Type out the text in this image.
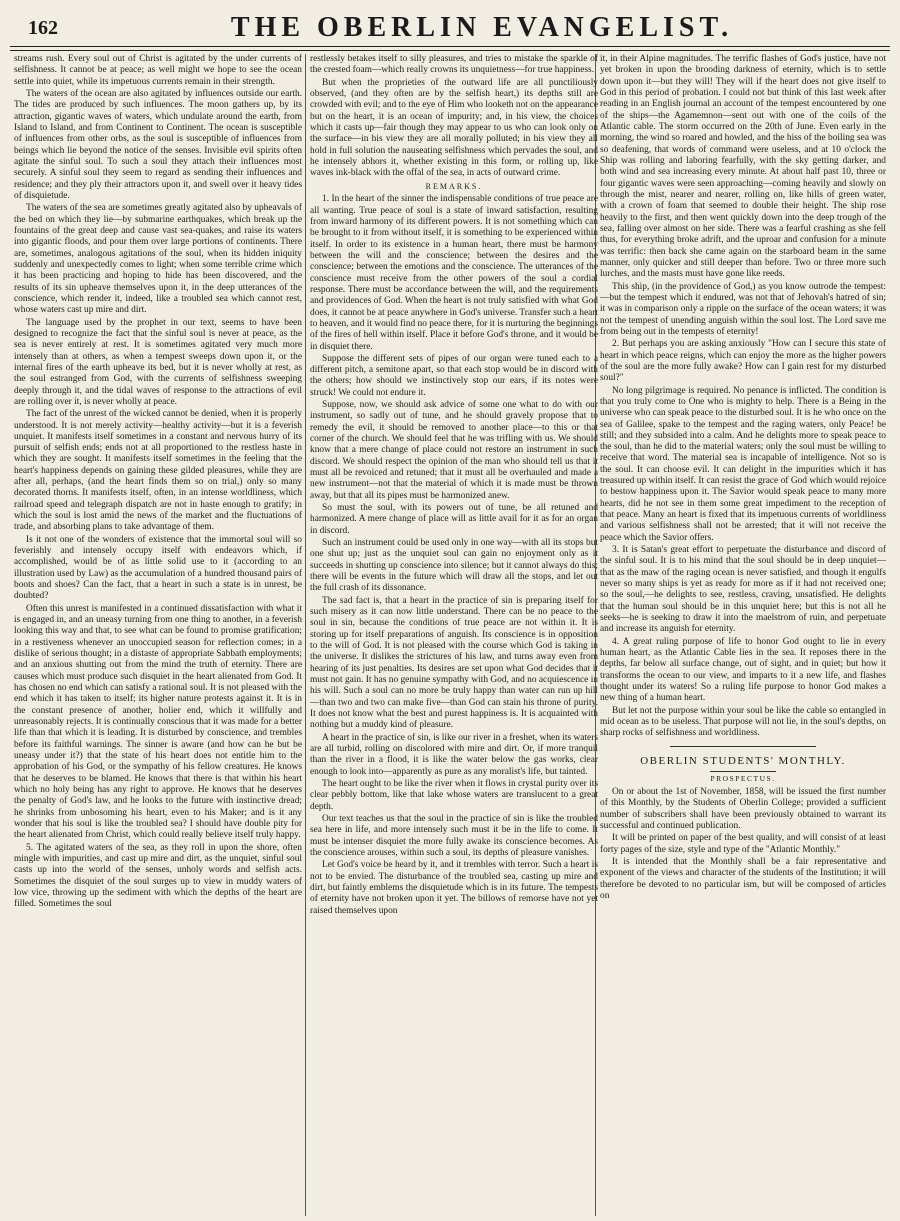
162	THE OBERLIN EVANGELIST.

streams rush. Every soul out of Christ is agitated by the under currents of selfishness. It cannot be at peace; as well might we hope to see the ocean settle into quiet, while its impetuous currents remain in their strength.

The waters of the ocean are also agitated by influences outside our earth. The tides are produced by such influences. The moon gathers up, by its attraction, gigantic waves of waters, which undulate around the earth, from Island to Island, and from Continent to Continent. The ocean is susceptible of influences from other orbs, as the soul is susceptible of influences from beings which lie beyond the notice of the senses. Invisible evil spirits often agitate the sinful soul. To such a soul they attach their influences most securely. A sinful soul they seem to regard as sending their influences and residence; and they ply their attractors upon it, and swell over it heavy tides of disquietude.

The waters of the sea are sometimes greatly agitated also by upheavals of the bed on which they lie—by submarine earthquakes, which break up the fountains of the great deep and cause vast sea-quakes, and raise its waters into gigantic floods, and pour them over large portions of continents. There are, sometimes, analogous agitations of the soul, when its hidden iniquity suddenly and unexpectedly comes to light; when some terrible crime which it has been practicing and hoping to hide has been discovered, and the results of its sin upheave themselves upon it, in the deep utterances of the conscience, which render it, indeed, like a troubled sea which cannot rest, whose waters cast up mire and dirt.

The language used by the prophet in our text, seems to have been designed to recognize the fact that the sinful soul is never at peace, as the sea is never entirely at rest. It is sometimes agitated very much more intensely than at others, as when a tempest sweeps down upon it, or the internal fires of the earth upheave its bed, but it is never wholly at rest, as the soul estranged from God, with the currents of selfishness sweeping deeply through it, and the tidal waves of response to the attractions of evil are rolling over it, is never wholly at peace.

The fact of the unrest of the wicked cannot be denied, when it is properly understood. It is not merely activity—healthy activity—but it is a feverish unquiet. It manifests itself sometimes in a constant and nervous hurry of its pursuit of selfish ends; ends not at all proportioned to the restless haste in which they are sought. It manifests itself sometimes in the feeling that the heart's happiness depends on gaining these gilded pleasures, while they are after all, perhaps, (and the heart finds them so on trial,) only so many decorated thorns. It manifests itself, often, in an intense worldliness, which railroad speed and telegraph dispatch are not in haste enough to gratify; in which the soul is lost amid the news of the market and the fluctuations of trade, and absorbing plans to take advantage of them.

Is it not one of the wonders of existence that the immortal soul will so feverishly and intensely occupy itself with endeavors which, if accomplished, would be of as little solid use to it (according to an illustration used by Law) as the accumulation of a hundred thousand pairs of boots and shoes? Can the fact, that a heart in such a state is in unrest, be doubted?

Often this unrest is manifested in a continued dissatisfaction with what it is engaged in, and an uneasy turning from one thing to another, in a feverish looking this way and that, to see what can be found to promise gratification; in a restiveness whenever an unoccupied season for reflection comes; in a dislike of serious thought; in a distaste of appropriate Sabbath employments; and an anxious shutting out from the mind the truth of eternity. There are causes which must produce such disquiet in the heart alienated from God. It has chosen no end which can satisfy a rational soul. It is not pleased with the end which it has taken to itself; its higher nature protests against it. It is in the constant presence of another, holier end, which it willfully and unreasonably rejects. It is continually conscious that it was made for a better life than that which it is leading. It is disturbed by conscience, and trembles before its faithful warnings. The sinner is aware (and how can he but be uneasy under it?) that the state of his heart does not entitle him to the approbation of his God, or the sympathy of his fellow creatures. He knows that he deserves to be blamed. He knows that there is that within his heart which no holy being has any right to approve. He knows that he deserves the penalty of God's law, and he looks to the future with instinctive dread; he shrinks from unbosoming his heart, even to his Maker; and is it any wonder that his soul is like the troubled sea? I should have double pity for the heart alienated from Christ, which could really believe itself truly happy.

5. The agitated waters of the sea, as they roll in upon the shore, often mingle with impurities, and cast up mire and dirt, as the unquiet, sinful soul casts up into the world of the senses, unholy words and selfish acts. Sometimes the disquiet of the soul surges up to view in muddy waters of low vice, throwing up the sediment with which the depths of the heart are filled. Sometimes the soul

restlessly betakes itself to silly pleasures, and tries to mistake the sparkle of the crested foam—which really crowns its unquietness—for true happiness.

But when the proprieties of the outward life are all punctiliously observed, (and they often are by the selfish heart,) its depths still are crowded with evil; and to the eye of Him who looketh not on the appearance but on the heart, it is an ocean of impurity; and, in his view, the choices which it casts up—fair though they may appear to us who can look only on the surface—in his view they are all morally polluted; in his view they all hold in full solution the nauseating selfishness which pervades the soul, and he intensely abhors it, whether existing in this form, or rolling up, like waves ink-black with the offal of the sea, in acts of outward crime.

REMARKS.

1. In the heart of the sinner the indispensable conditions of true peace are all wanting. True peace of soul is a state of inward satisfaction, resulting from inward harmony of its different powers. It is not something which can be brought to it from without itself, it is something to be experienced within itself. In order to its existence in a human heart, there must be harmony between the will and the conscience; between the desires and the conscience; between the emotions and the conscience. The utterances of the conscience must receive from the other powers of the soul a cordial response. There must be accordance between the will, and the requirements and providences of God. When the heart is not truly satisfied with what God does, it cannot be at peace anywhere in God's universe. Transfer such a heart to heaven, and it would find no peace there, for it is nurturing the beginnings of the fires of hell within itself. Place it before God's throne, and it would be in disquiet there.

Suppose the different sets of pipes of our organ were tuned each to a different pitch, a semitone apart, so that each stop would be in discord with the others; how should we instinctively stop our ears, if its notes were struck! We could not endure it.

Suppose, now, we should ask advice of some one what to do with our instrument, so sadly out of tune, and he should gravely propose that to remedy the evil, it should be removed to another place—to this or that corner of the church. We should feel that he was trifling with us. We should know that a mere change of place could not restore an instrument in such discord. We should respect the opinion of the man who should tell us that it must all be revoiced and retuned; that it must all be overhauled and made a new instrument—not that the material of which it is made must be thrown away, but that all its pipes must be harmonized anew.

So must the soul, with its powers out of tune, be all retuned and harmonized. A mere change of place will as little avail for it as for an organ in discord.

Such an instrument could be used only in one way—with all its stops but one shut up; just as the unquiet soul can gain no enjoyment only as it succeeds in shutting up conscience into silence; but it cannot always do this; there will be events in the future which will draw all the stops, and let out the full crash of its dissonance.

The sad fact is, that a heart in the practice of sin is preparing itself for such misery as it can now little understand. There can be no peace to the soul in sin, because the conditions of true peace are not within it. It is storing up for itself preparations of anguish. Its conscience is in opposition to the will of God. It is not pleased with the course which God is taking in the universe. It dislikes the strictures of his law, and turns away even from hearing of its just penalties. Its desires are set upon what God decides that it must not gain. It has no genuine sympathy with God, and no acquiescence in his will. Such a soul can no more be truly happy than water can run up hill—than two and two can make five—than God can stain his throne of purity. It does not know what the best and purest happiness is. It is acquainted with nothing but a muddy kind of pleasure.

A heart in the practice of sin, is like our river in a freshet, when its waters are all turbid, rolling on discolored with mire and dirt. Or, if more tranquil than the river in a flood, it is like the water below the gas works, clear enough to look into—apparently as pure as any moralist's life, but tainted.

The heart ought to be like the river when it flows in crystal purity over its clear pebbly bottom, like that lake whose waters are translucent to a great depth.

Our text teaches us that the soul in the practice of sin is like the troubled sea here in life, and more intensely such must it be in the life to come. It must be intenser disquiet the more fully awake its conscience becomes. As the conscience arouses, within such a soul, its depths of pleasure vanishes.

Let God's voice be heard by it, and it trembles with terror. Such a heart is not to be envied. The disturbance of the troubled sea, casting up mire and dirt, but faintly emblems the disquietude which is in its future. The tempests of eternity have not broken upon it yet. The billows of remorse have not yet raised themselves upon

it, in their Alpine magnitudes. The terrific flashes of God's justice, have not yet broken in upon the brooding darkness of eternity, which is to settle down upon it—but they will! They will if the heart does not give itself to God in this period of probation. I could not but think of this last week after reading in an English journal an account of the tempest encountered by one of the ships—the Agamemnon—sent out with one of the coils of the Atlantic cable. The storm occurred on the 20th of June. Even early in the morning, the wind so roared and howled, and the hiss of the boiling sea was so deafening, that words of command were useless, and at 10 o'clock the Ship was rolling and laboring fearfully, with the sky getting darker, and both wind and sea increasing every minute. At about half past 10, three or four gigantic waves were seen approaching—coming heavily and slowly on through the mist, nearer and nearer, rolling on, like hills of green water, with a crown of foam that seemed to double their height. The ship rose heavily to the first, and then went quickly down into the deep trough of the sea, falling over almost on her side. There was a fearful crashing as she fell thus, for everything broke adrift, and the uproar and confusion for a minute was terrific: then back she came again on the starboard beam in the same manner, only quicker and still deeper than before. Two or three more such lurches, and the masts must have gone like reeds.

This ship, (in the providence of God,) as you know outrode the tempest:—but the tempest which it endured, was not that of Jehovah's hatred of sin; it was in comparison only a ripple on the surface of the ocean waters; it was not the tempest of unending anguish within the soul lost. The Lord save me from being out in the tempests of eternity!

2. But perhaps you are asking anxiously "How can I secure this state of heart in which peace reigns, which can enjoy the more as the higher powers of the soul are the more fully awake? How can I gain rest for my disturbed soul?"

No long pilgrimage is required. No penance is inflicted. The condition is that you truly come to One who is mighty to help. There is a Being in the universe who can speak peace to the disturbed soul. It is he who once on the sea of Galilee, spake to the tempest and the raging waters, only Peace! be still; and they subsided into a calm. And he delights more to speak peace to the soul, than he did to the material waters; only the soul must be willing to receive that word. The material sea is incapable of intelligence. Not so is the soul. It can choose evil. It can delight in the impurities which it has treasured up within itself. It can resist the grace of God which would rejoice to bestow happiness upon it. The Savior would speak peace to many more hearts, did he not see in them some great impediment to the reception of that peace. Many an heart is fixed that its impetuous currents of worldliness and various selfishness shall not be arrested; that it will not receive the peace which the Savior offers.

3. It is Satan's great effort to perpetuate the disturbance and discord of the sinful soul. It is to his mind that the soul should be in deep unquiet—that as the maw of the raging ocean is never satisfied, and though it engulfs never so many ships is yet as ready for more as if it had not received one; so the soul,—he delights to see, restless, craving, unsatisfied. He delights that the human soul should be in this unquiet here; but this is not all he seeks—he is seeking to draw it into the maelstrom of ruin, and perpetuate and increase its anguish for eternity.

4. A great ruling purpose of life to honor God ought to lie in every human heart, as the Atlantic Cable lies in the sea. It reposes there in the depths, far below all surface change, out of sight, and in quiet; but how it transforms the ocean to our view, and imparts to it a new life, and flashes thought under its waters! So a ruling life purpose to honor God makes a new thing of a human heart.

But let not the purpose within your soul be like the cable so entangled in mid ocean as to be useless. That purpose will not lie, in the soul's depths, on sharp rocks of selfishness and worldliness.

OBERLIN STUDENTS' MONTHLY.
PROSPECTUS.

On or about the 1st of November, 1858, will be issued the first number of this Monthly, by the Students of Oberlin College; provided a sufficient number of subscribers shall have been previously obtained to warrant its successful and continued publication.

It will be printed on paper of the best quality, and will consist of at least forty pages of the size, style and type of the "Atlantic Monthly."

It is intended that the Monthly shall be a fair representative and exponent of the views and character of the students of the Institution; it will therefore be devoted to no particular ism, but will be composed of articles on
